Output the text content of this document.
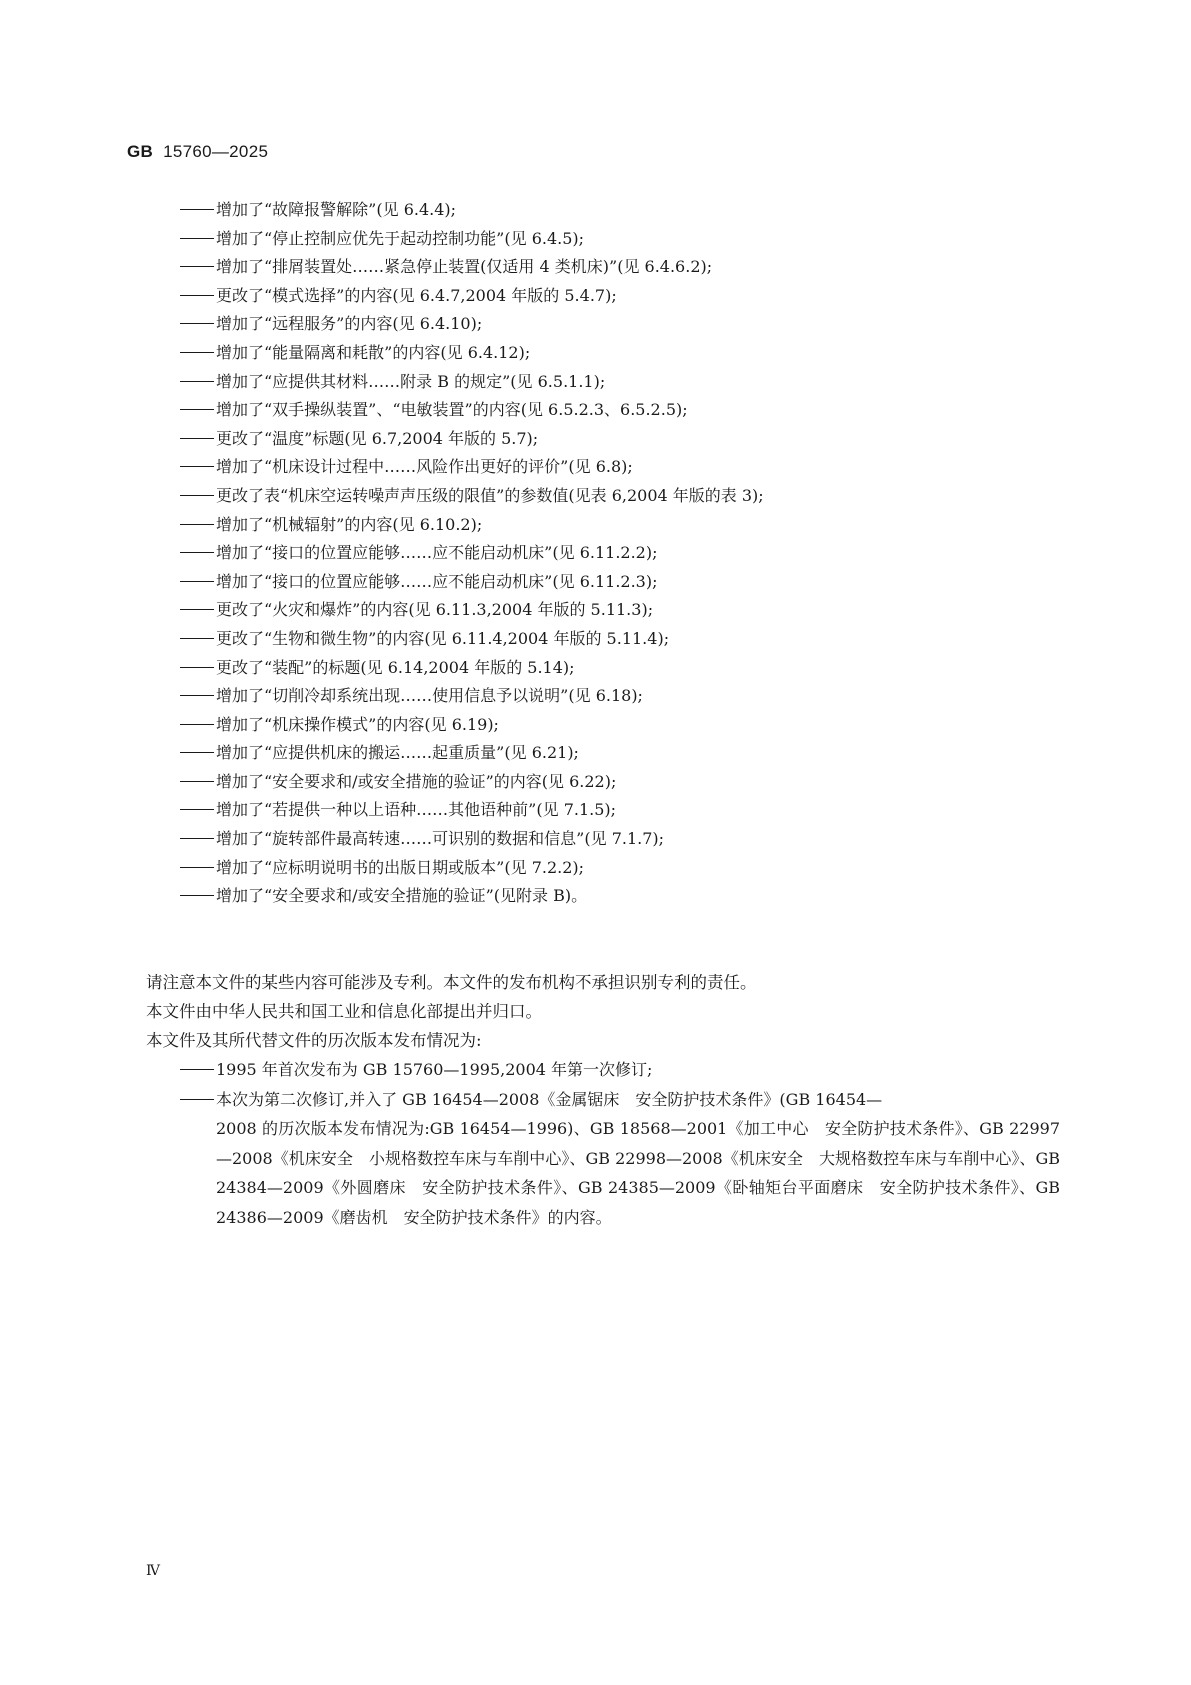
GB 15760—2025
增加了“故障报警解除”(见 6.4.4);
增加了“停止控制应优先于起动控制功能”(见 6.4.5);
增加了“排屑装置处……紧急停止装置(仅适用 4 类机床)”(见 6.4.6.2);
更改了“模式选择”的内容(见 6.4.7,2004 年版的 5.4.7);
增加了“远程服务”的内容(见 6.4.10);
增加了“能量隔离和耗散”的内容(见 6.4.12);
增加了“应提供其材料……附录 B 的规定”(见 6.5.1.1);
增加了“双手操纵装置”、“电敏装置”的内容(见 6.5.2.3、6.5.2.5);
更改了“温度”标题(见 6.7,2004 年版的 5.7);
增加了“机床设计过程中……风险作出更好的评价”(见 6.8);
更改了表“机床空运转噪声声压级的限值”的参数值(见表 6,2004 年版的表 3);
增加了“机械辐射”的内容(见 6.10.2);
增加了“接口的位置应能够……应不能启动机床”(见 6.11.2.2);
增加了“接口的位置应能够……应不能启动机床”(见 6.11.2.3);
更改了“火灾和爆炸”的内容(见 6.11.3,2004 年版的 5.11.3);
更改了“生物和微生物”的内容(见 6.11.4,2004 年版的 5.11.4);
更改了“装配”的标题(见 6.14,2004 年版的 5.14);
增加了“切削冷却系统出现……使用信息予以说明”(见 6.18);
增加了“机床操作模式”的内容(见 6.19);
增加了“应提供机床的搬运……起重质量”(见 6.21);
增加了“安全要求和/或安全措施的验证”的内容(见 6.22);
增加了“若提供一种以上语种……其他语种前”(见 7.1.5);
增加了“旋转部件最高转速……可识别的数据和信息”(见 7.1.7);
增加了“应标明说明书的出版日期或版本”(见 7.2.2);
增加了“安全要求和/或安全措施的验证”(见附录 B)。
请注意本文件的某些内容可能涉及专利。本文件的发布机构不承担识别专利的责任。
本文件由中华人民共和国工业和信息化部提出并归口。
本文件及其所代替文件的历次版本发布情况为:
1995 年首次发布为 GB 15760—1995,2004 年第一次修订;
本次为第二次修订,并入了 GB 16454—2008《金属锯床　安全防护技术条件》(GB 16454—
2008 的历次版本发布情况为:GB 16454—1996)、GB 18568—2001《加工中心　安全防护技术条件》、GB 22997—2008《机床安全　小规格数控车床与车削中心》、GB 22998—2008《机床安全　大规格数控车床与车削中心》、GB 24384—2009《外圆磨床　安全防护技术条件》、GB 24385—2009《卧轴矩台平面磨床　安全防护技术条件》、GB 24386—2009《磨齿机　安全防护技术条件》的内容。
Ⅳ
